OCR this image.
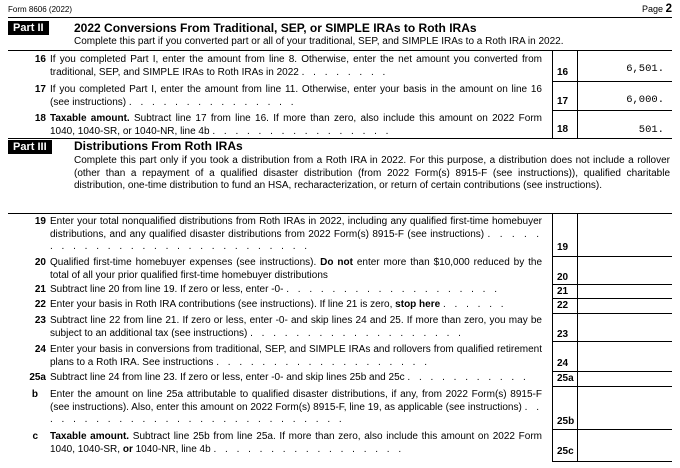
Form 8606 (2022)	Page 2
Part II	2022 Conversions From Traditional, SEP, or SIMPLE IRAs to Roth IRAs
Complete this part if you converted part or all of your traditional, SEP, and SIMPLE IRAs to a Roth IRA in 2022.
16 If you completed Part I, enter the amount from line 8. Otherwise, enter the net amount you converted from traditional, SEP, and SIMPLE IRAs to Roth IRAs in 2022 . . . . . . . .	16	6,501.
17 If you completed Part I, enter the amount from line 11. Otherwise, enter your basis in the amount on line 16 (see instructions) . . . . . . . . . . . . . . .	17	6,000.
18 Taxable amount. Subtract line 17 from line 16. If more than zero, also include this amount on 2022 Form 1040, 1040-SR, or 1040-NR, line 4b . . . . . . . . . . . . . . . .	18	501.
Part III	Distributions From Roth IRAs
Complete this part only if you took a distribution from a Roth IRA in 2022. For this purpose, a distribution does not include a rollover (other than a repayment of a qualified disaster distribution (from 2022 Form(s) 8915-F (see instructions)), qualified charitable distribution, one-time distribution to fund an HSA, recharacterization, or return of certain contributions (see instructions).
19 Enter your total nonqualified distributions from Roth IRAs in 2022, including any qualified first-time homebuyer distributions, and any qualified disaster distributions from 2022 Form(s) 8915-F (see instructions) . . . . . . . . . . . . . . . . . . . . . . . . . . . .	19
20 Qualified first-time homebuyer expenses (see instructions). Do not enter more than $10,000 reduced by the total of all your prior qualified first-time homebuyer distributions	20
21 Subtract line 20 from line 19. If zero or less, enter -0- . . . . . . . . . . . . . . . . . . .	21
22 Enter your basis in Roth IRA contributions (see instructions). If line 21 is zero, stop here . . . . . .	22
23 Subtract line 22 from line 21. If zero or less, enter -0- and skip lines 24 and 25. If more than zero, you may be subject to an additional tax (see instructions) . . . . . . . . . . . . . . . . . . .	23
24 Enter your basis in conversions from traditional, SEP, and SIMPLE IRAs and rollovers from qualified retirement plans to a Roth IRA. See instructions . . . . . . . . . . . . . . . . . . .	24
25a Subtract line 24 from line 23. If zero or less, enter -0- and skip lines 25b and 25c . . . . . . . . . . .	25a
b	Enter the amount on line 25a attributable to qualified disaster distributions, if any, from 2022 Form(s) 8915-F (see instructions). Also, enter this amount on 2022 Form(s) 8915-F, line 19, as applicable (see instructions) . . . . . . . . . . . . . . . . . . . . . . . . . . . .	25b
c	Taxable amount. Subtract line 25b from line 25a. If more than zero, also include this amount on 2022 Form 1040, 1040-SR, or 1040-NR, line 4b . . . . . . . . . . . . . . . . .	25c
